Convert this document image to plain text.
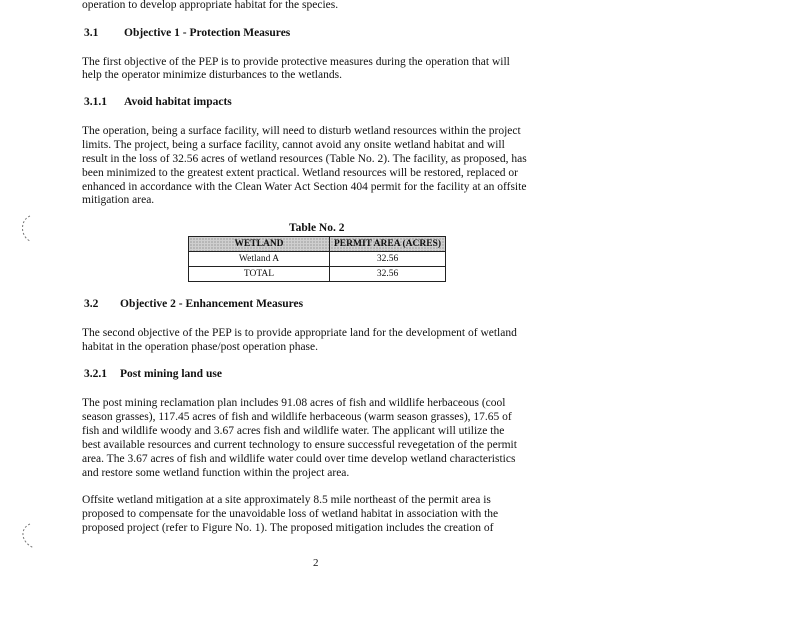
operation to develop appropriate habitat for the species.
3.1 Objective 1 - Protection Measures
The first objective of the PEP is to provide protective measures during the operation that will
help the operator minimize disturbances to the wetlands.
3.1.1 Avoid habitat impacts
The operation, being a surface facility, will need to disturb wetland resources within the project
limits. The project, being a surface facility, cannot avoid any onsite wetland habitat and will
result in the loss of 32.56 acres of wetland resources (Table No. 2). The facility, as proposed, has
been minimized to the greatest extent practical. Wetland resources will be restored, replaced or
enhanced in accordance with the Clean Water Act Section 404 permit for the facility at an offsite
mitigation area.
Table No. 2
WETLAND	PERMIT AREA (ACRES)
Wetland A	32.56
TOTAL	32.56
3.2 Objective 2 - Enhancement Measures
The second objective of the PEP is to provide appropriate land for the development of wetland
habitat in the operation phase/post operation phase.
3.2.1 Post mining land use
The post mining reclamation plan includes 91.08 acres of fish and wildlife herbaceous (cool
season grasses), 117.45 acres of fish and wildlife herbaceous (warm season grasses), 17.65 of
fish and wildlife woody and 3.67 acres fish and wildlife water. The applicant will utilize the
best available resources and current technology to ensure successful revegetation of the permit
area. The 3.67 acres of fish and wildlife water could over time develop wetland characteristics
and restore some wetland function within the project area.
Offsite wetland mitigation at a site approximately 8.5 mile northeast of the permit area is
proposed to compensate for the unavoidable loss of wetland habitat in association with the
proposed project (refer to Figure No. 1). The proposed mitigation includes the creation of
2
